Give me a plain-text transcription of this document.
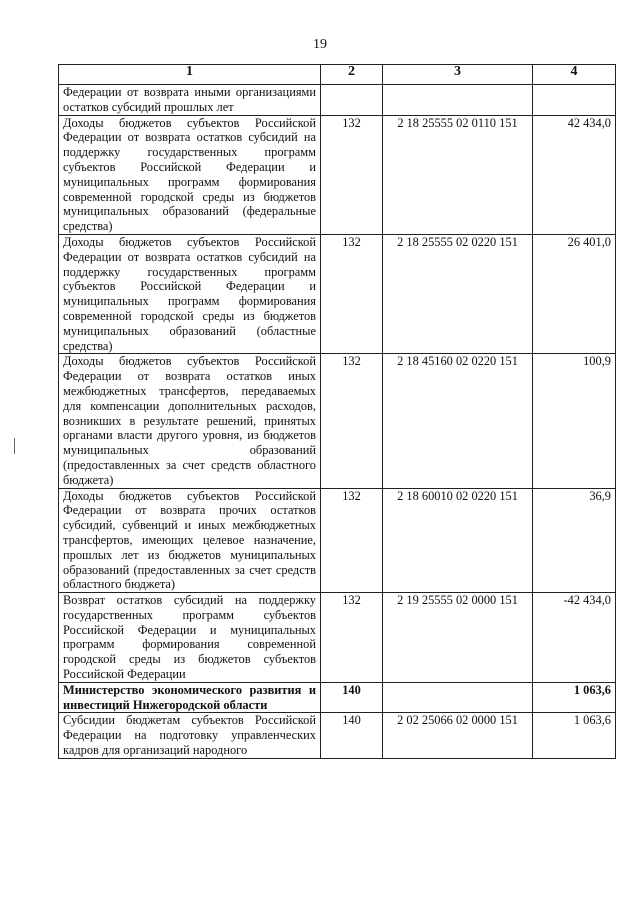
19
1	2	3	4
Федерации от возврата иными организациями остатков субсидий прошлых лет			
Доходы бюджетов субъектов Российской Федерации от возврата остатков субсидий на поддержку государственных программ субъектов Российской Федерации и муниципальных программ формирования современной городской среды из бюджетов муниципальных образований (федеральные средства)	132	2 18 25555 02 0110 151	42 434,0
Доходы бюджетов субъектов Российской Федерации от возврата остатков субсидий на поддержку государственных программ субъектов Российской Федерации и муниципальных программ формирования современной городской среды из бюджетов муниципальных образований (областные средства)	132	2 18 25555 02 0220 151	26 401,0
Доходы бюджетов субъектов Российской Федерации от возврата остатков иных межбюджетных трансфертов, передаваемых для компенсации дополнительных расходов, возникших в результате решений, принятых органами власти другого уровня, из бюджетов муниципальных образований (предоставленных за счет средств областного бюджета)	132	2 18 45160 02 0220 151	100,9
Доходы бюджетов субъектов Российской Федерации от возврата прочих остатков субсидий, субвенций и иных межбюджетных трансфертов, имеющих целевое назначение, прошлых лет из бюджетов муниципальных образований (предоставленных за счет средств областного бюджета)	132	2 18 60010 02 0220 151	36,9
Возврат остатков субсидий на поддержку государственных программ субъектов Российской Федерации и муниципальных программ формирования современной городской среды из бюджетов субъектов Российской Федерации	132	2 19 25555 02 0000 151	-42 434,0
Министерство экономического развития и инвестиций Нижегородской области	140		1 063,6
Субсидии бюджетам субъектов Российской Федерации на подготовку управленческих кадров для организаций народного	140	2 02 25066 02 0000 151	1 063,6
